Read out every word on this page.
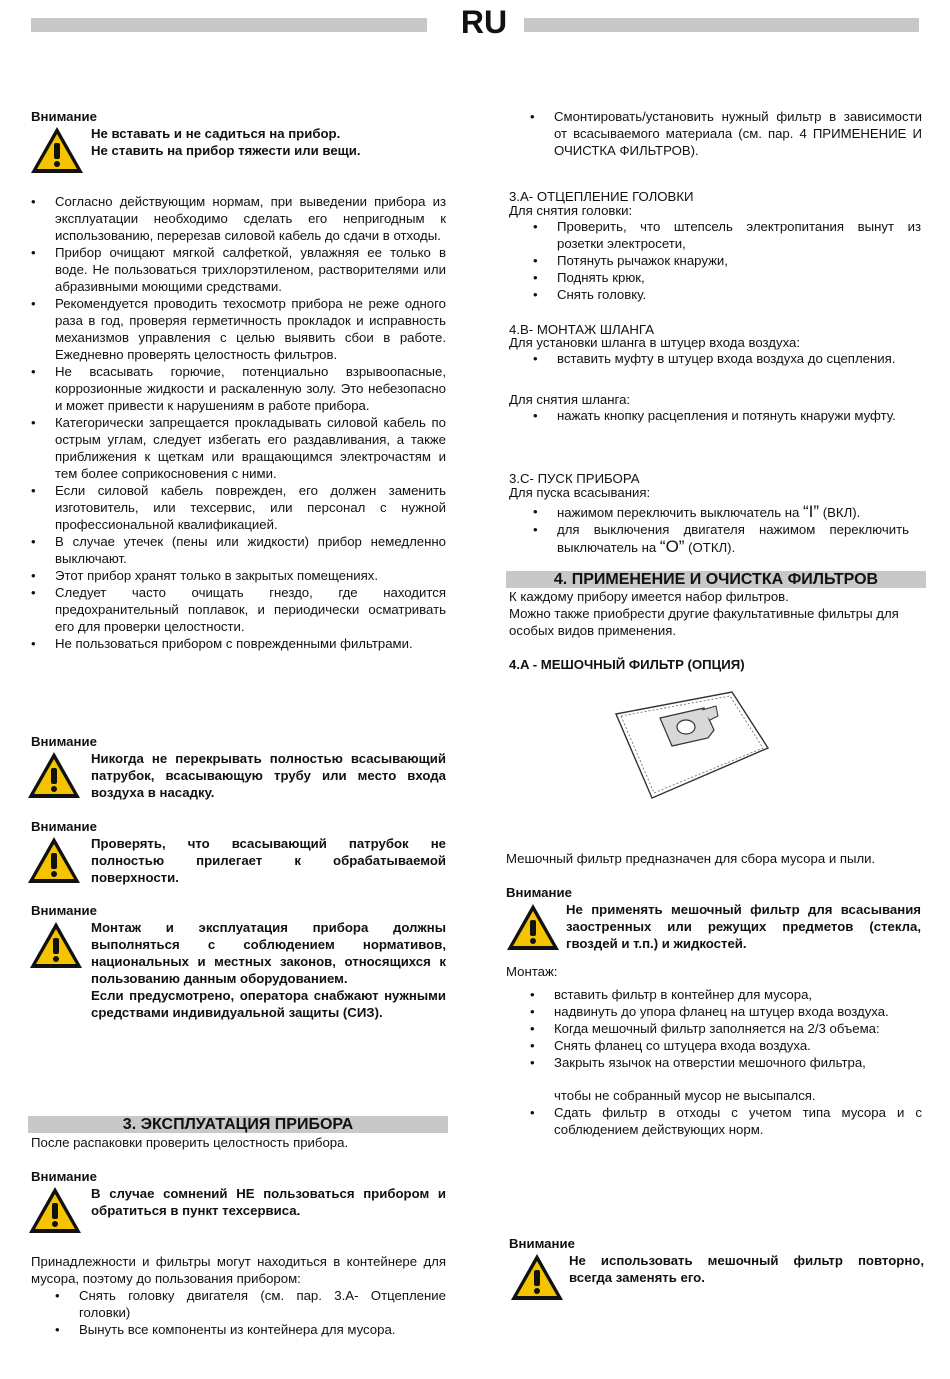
RU
Внимание
Не вставать и не садиться на прибор.
Не ставить на прибор тяжести или вещи.
• Согласно действующим нормам, при выведении прибора из эксплуатации необходимо сделать его непригодным к использованию, перерезав силовой кабель до сдачи в отходы.
• Прибор очищают мягкой салфеткой, увлажняя ее только в воде. Не пользоваться трихлорэтиленом, растворителями или абразивными моющими средствами.
• Рекомендуется проводить техосмотр прибора не реже одного раза в год, проверяя герметичность прокладок и исправность механизмов управления с целью выявить сбои в работе. Ежедневно проверять целостность фильтров.
• Не всасывать горючие, потенциально взрывоопасные, коррозионные жидкости и раскаленную золу. Это небезопасно и может привести к нарушениям в работе прибора.
• Категорически запрещается прокладывать силовой кабель по острым углам, следует избегать его раздавливания, а также приближения к щеткам или вращающимся электрочастям и тем более соприкосновения с ними.
• Если силовой кабель поврежден, его должен заменить изготовитель, или техсервис, или персонал с нужной профессиональной квалификацией.
• В случае утечек (пены или жидкости) прибор немедленно выключают.
• Этот прибор хранят только в закрытых помещениях.
• Следует часто очищать гнездо, где находится предохранительный поплавок, и периодически осматривать его для проверки целостности.
• Не пользоваться прибором с поврежденными фильтрами.
Внимание
Никогда не перекрывать полностью всасывающий патрубок, всасывающую трубу или место входа воздуха в насадку.
Внимание
Проверять, что всасывающий патрубок не полностью прилегает к обрабатываемой поверхности.
Внимание
Монтаж и эксплуатация прибора должны выполняться с соблюдением нормативов, национальных и местных законов, относящихся к пользованию данным оборудованием.
Если предусмотрено, оператора снабжают нужными средствами индивидуальной защиты (СИЗ).
3. ЭКСПЛУАТАЦИЯ ПРИБОРА
После распаковки проверить целостность прибора.
Внимание
В случае сомнений НЕ пользоваться прибором и обратиться в пункт техсервиса.
Принадлежности и фильтры могут находиться в контейнере для мусора, поэтому до пользования прибором:
• Снять головку двигателя (см. пар. 3.A- Отцепление головки)
• Вынуть все компоненты из контейнера для мусора.
• Смонтировать/установить нужный фильтр в зависимости от всасываемого материала (см. пар. 4 ПРИМЕНЕНИЕ И ОЧИСТКА ФИЛЬТРОВ).
3.A- ОТЦЕПЛЕНИЕ ГОЛОВКИ
Для снятия головки:
• Проверить, что штепсель электропитания вынут из розетки электросети,
• Потянуть рычажок кнаружи,
• Поднять крюк,
• Снять головку.
4.B- МОНТАЖ ШЛАНГА
Для установки шланга в штуцер входа воздуха:
• вставить муфту в штуцер входа воздуха до сцепления.
Для снятия шланга:
• нажать кнопку расцепления и потянуть кнаружи муфту.
3.C- ПУСК ПРИБОРА
Для пуска всасывания:
• нажимом переключить выключатель на “I” (ВКЛ).
• для выключения двигателя нажимом переключить выключатель на “O” (ОТКЛ).
4. ПРИМЕНЕНИЕ И ОЧИСТКА ФИЛЬТРОВ
К каждому прибору имеется набор фильтров.
Можно также приобрести другие факультативные фильтры для особых видов применения.
4.A - МЕШОЧНЫЙ ФИЛЬТР (ОПЦИЯ)
Мешочный фильтр предназначен для сбора мусора и пыли.
Внимание
Не применять мешочный фильтр для всасывания заостренных или режущих предметов (стекла, гвоздей и т.п.) и жидкостей.
Монтаж:
• вставить фильтр в контейнер для мусора,
• надвинуть до упора фланец на штуцер входа воздуха.
• Когда мешочный фильтр заполняется на 2/3 объема:
• Снять фланец со штуцера входа воздуха.
• Закрыть язычок на отверстии мешочного фильтра,
чтобы не собранный мусор не высыпался.
• Сдать фильтр в отходы с учетом типа мусора и с соблюдением действующих норм.
Внимание
Не использовать мешочный фильтр повторно, всегда заменять его.
